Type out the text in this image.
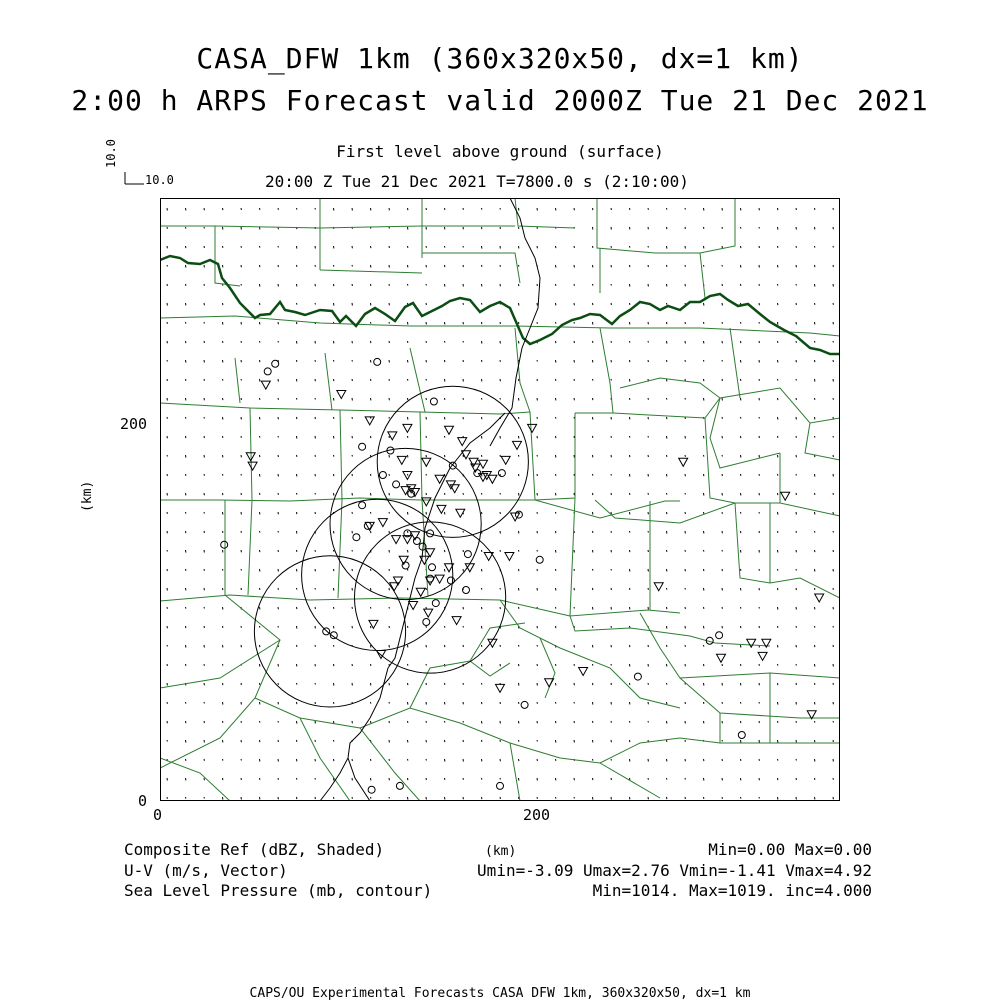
CASA_DFW 1km (360x320x50, dx=1 km)
2:00 h ARPS Forecast valid 2000Z Tue 21 Dec 2021
First level above ground (surface)
20:00 Z Tue 21 Dec 2021 T=7800.0 s (2:10:00)
10.0
10.0
(km)
200
0
0	200
(km)
Composite Ref (dBZ, Shaded)
U-V (m/s, Vector)
Sea Level Pressure (mb, contour)
Min=0.00 Max=0.00
Umin=-3.09 Umax=2.76 Vmin=-1.41 Vmax=4.92
Min=1014. Max=1019. inc=4.000
CAPS/OU Experimental Forecasts CASA DFW 1km, 360x320x50, dx=1 km
